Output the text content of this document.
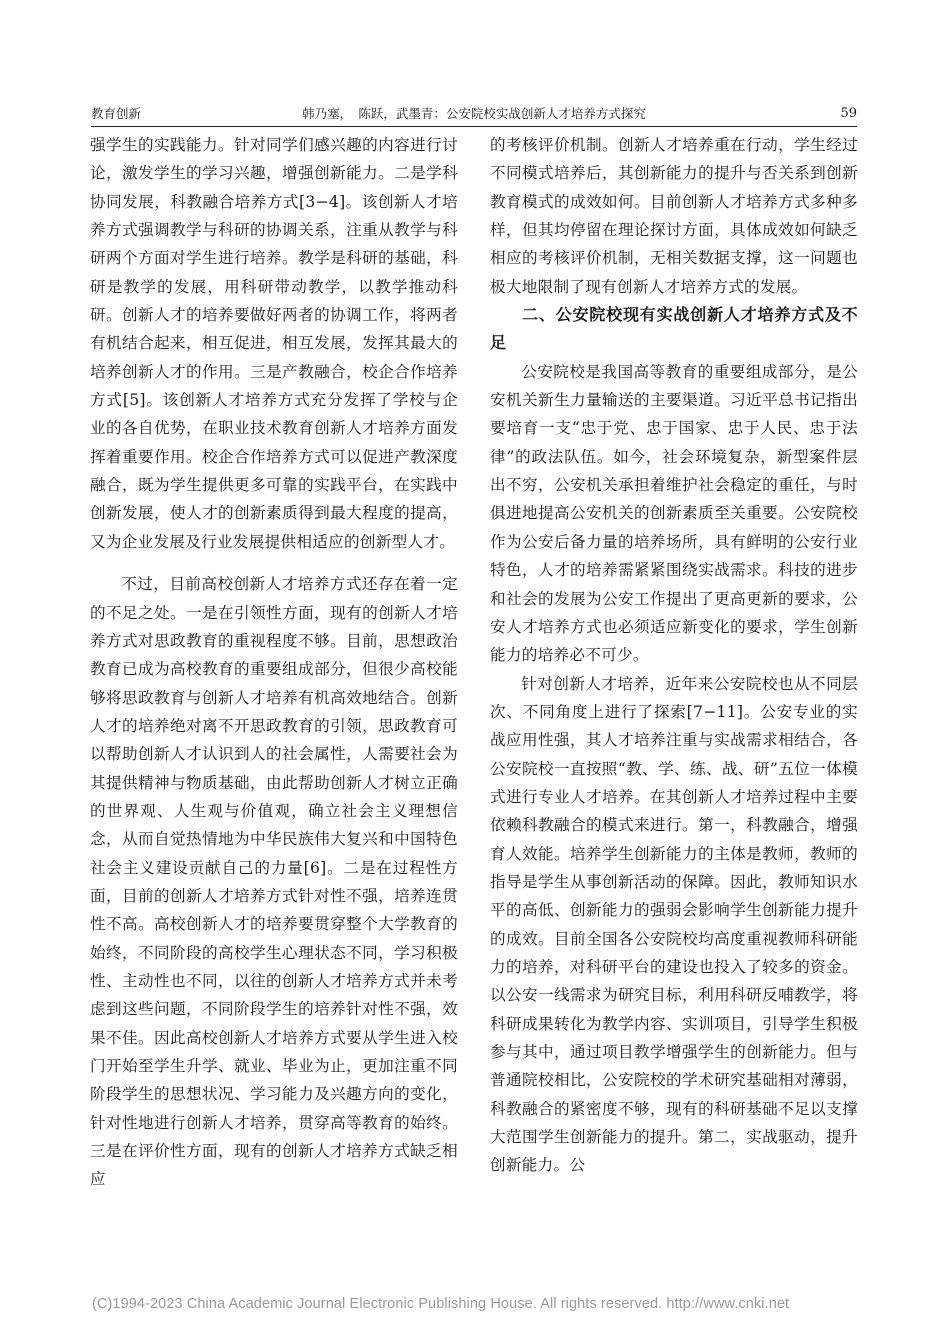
教育创新	韩乃塞，　陈跃，武墨青：公安院校实战创新人才培养方式探究	59

强学生的实践能力。针对同学们感兴趣的内容进行讨论，激发学生的学习兴趣，增强创新能力。二是学科协同发展，科教融合培养方式[3−4]。该创新人才培养方式强调教学与科研的协调关系，注重从教学与科研两个方面对学生进行培养。教学是科研的基础，科研是教学的发展，用科研带动教学，以教学推动科研。创新人才的培养要做好两者的协调工作，将两者有机结合起来，相互促进，相互发展，发挥其最大的培养创新人才的作用。三是产教融合，校企合作培养方式[5]。该创新人才培养方式充分发挥了学校与企业的各自优势，在职业技术教育创新人才培养方面发挥着重要作用。校企合作培养方式可以促进产教深度融合，既为学生提供更多可靠的实践平台，在实践中创新发展，使人才的创新素质得到最大程度的提高，又为企业发展及行业发展提供相适应的创新型人才。

不过，目前高校创新人才培养方式还存在着一定的不足之处。一是在引领性方面，现有的创新人才培养方式对思政教育的重视程度不够。目前，思想政治教育已成为高校教育的重要组成部分，但很少高校能够将思政教育与创新人才培养有机高效地结合。创新人才的培养绝对离不开思政教育的引领，思政教育可以帮助创新人才认识到人的社会属性，人需要社会为其提供精神与物质基础，由此帮助创新人才树立正确的世界观、人生观与价值观，确立社会主义理想信念，从而自觉热情地为中华民族伟大复兴和中国特色社会主义建设贡献自己的力量[6]。二是在过程性方面，目前的创新人才培养方式针对性不强，培养连贯性不高。高校创新人才的培养要贯穿整个大学教育的始终，不同阶段的高校学生心理状态不同，学习积极性、主动性也不同，以往的创新人才培养方式并未考虑到这些问题，不同阶段学生的培养针对性不强，效果不佳。因此高校创新人才培养方式要从学生进入校门开始至学生升学、就业、毕业为止，更加注重不同阶段学生的思想状况、学习能力及兴趣方向的变化，针对性地进行创新人才培养，贯穿高等教育的始终。三是在评价性方面，现有的创新人才培养方式缺乏相应

的考核评价机制。创新人才培养重在行动，学生经过不同模式培养后，其创新能力的提升与否关系到创新教育模式的成效如何。目前创新人才培养方式多种多样，但其均停留在理论探讨方面，具体成效如何缺乏相应的考核评价机制，无相关数据支撑，这一问题也极大地限制了现有创新人才培养方式的发展。

二、公安院校现有实战创新人才培养方式及不足

公安院校是我国高等教育的重要组成部分，是公安机关新生力量输送的主要渠道。习近平总书记指出要培育一支“忠于党、忠于国家、忠于人民、忠于法律”的政法队伍。如今，社会环境复杂，新型案件层出不穷，公安机关承担着维护社会稳定的重任，与时俱进地提高公安机关的创新素质至关重要。公安院校作为公安后备力量的培养场所，具有鲜明的公安行业特色，人才的培养需紧紧围绕实战需求。科技的进步和社会的发展为公安工作提出了更高更新的要求，公安人才培养方式也必须适应新变化的要求，学生创新能力的培养必不可少。

针对创新人才培养，近年来公安院校也从不同层次、不同角度上进行了探索[7−11]。公安专业的实战应用性强，其人才培养注重与实战需求相结合，各公安院校一直按照“教、学、练、战、研”五位一体模式进行专业人才培养。在其创新人才培养过程中主要依赖科教融合的模式来进行。第一，科教融合，增强育人效能。培养学生创新能力的主体是教师，教师的指导是学生从事创新活动的保障。因此，教师知识水平的高低、创新能力的强弱会影响学生创新能力提升的成效。目前全国各公安院校均高度重视教师科研能力的培养，对科研平台的建设也投入了较多的资金。以公安一线需求为研究目标，利用科研反哺教学，将科研成果转化为教学内容、实训项目，引导学生积极参与其中，通过项目教学增强学生的创新能力。但与普通院校相比，公安院校的学术研究基础相对薄弱，科教融合的紧密度不够，现有的科研基础不足以支撑大范围学生创新能力的提升。第二，实战驱动，提升创新能力。公

(C)1994-2023 China Academic Journal Electronic Publishing House. All rights reserved. http://www.cnki.net
